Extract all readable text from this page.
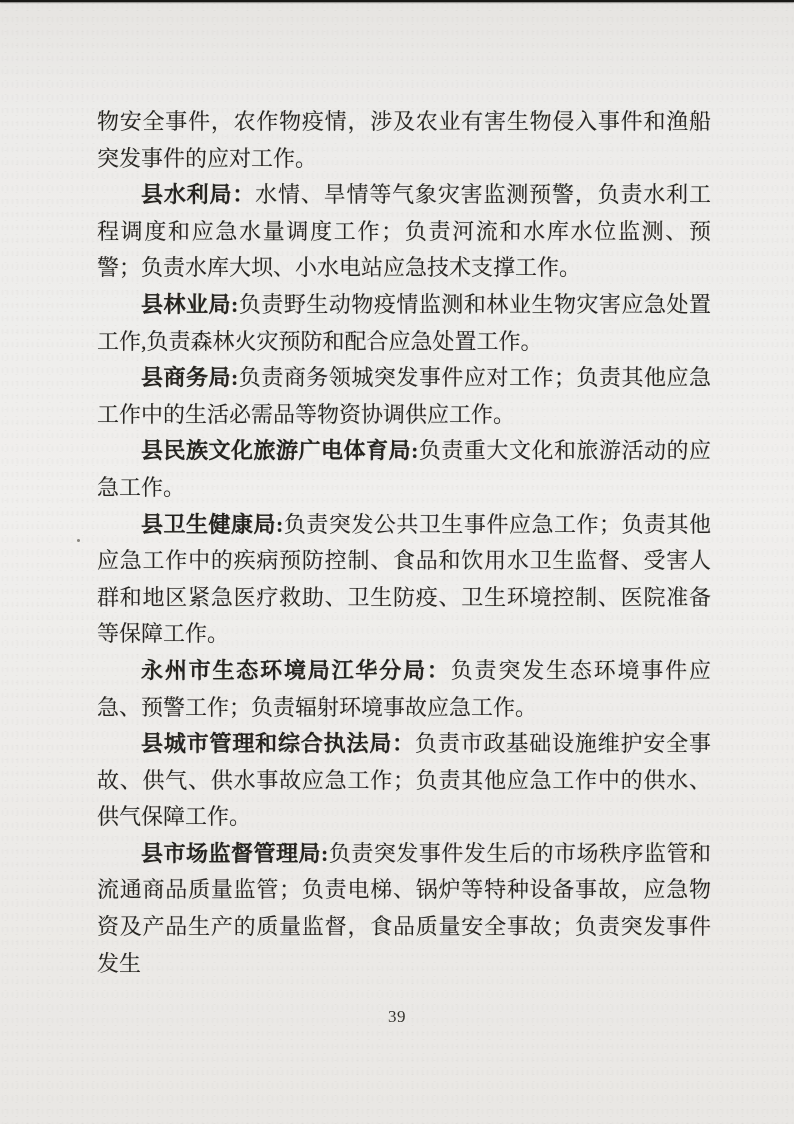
物安全事件，农作物疫情，涉及农业有害生物侵入事件和渔船突发事件的应对工作。

县水利局：水情、旱情等气象灾害监测预警，负责水利工程调度和应急水量调度工作；负责河流和水库水位监测、预警；负责水库大坝、小水电站应急技术支撑工作。

县林业局:负责野生动物疫情监测和林业生物灾害应急处置工作,负责森林火灾预防和配合应急处置工作。

县商务局:负责商务领城突发事件应对工作；负责其他应急工作中的生活必需品等物资协调供应工作。

县民族文化旅游广电体育局:负责重大文化和旅游活动的应急工作。

县卫生健康局:负责突发公共卫生事件应急工作；负责其他应急工作中的疾病预防控制、食品和饮用水卫生监督、受害人群和地区紧急医疗救助、卫生防疫、卫生环境控制、医院准备等保障工作。

永州市生态环境局江华分局：负责突发生态环境事件应急、预警工作；负责辐射环境事故应急工作。

县城市管理和综合执法局：负责市政基础设施维护安全事故、供气、供水事故应急工作；负责其他应急工作中的供水、供气保障工作。

县市场监督管理局:负责突发事件发生后的市场秩序监管和流通商品质量监管；负责电梯、锅炉等特种设备事故，应急物资及产品生产的质量监督，食品质量安全事故；负责突发事件发生

39
